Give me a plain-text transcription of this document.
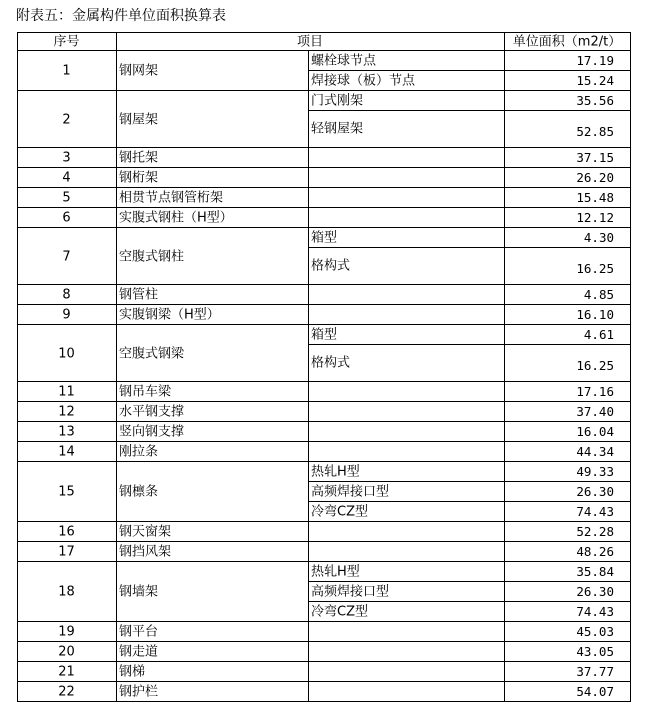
附表五：金属构件单位面积换算表
序号	项目	单位面积（m2/t）
1	钢网架
螺栓球节点	17.19
焊接球（板）节点	15.24
2	钢屋架
门式刚架	35.56
轻钢屋架	52.85
3	钢托架	37.15
4	钢桁架	26.20
5	相贯节点钢管桁架	15.48
6	实腹式钢柱（H型）	12.12
7	空腹式钢柱
箱型	4.30
格构式	16.25
8	钢管柱	4.85
9	实腹钢梁（H型）	16.10
10	空腹式钢梁
箱型	4.61
格构式	16.25
11	钢吊车梁	17.16
12	水平钢支撑	37.40
13	竖向钢支撑	16.04
14	刚拉条	44.34
15	钢檩条
热轧H型	49.33
高频焊接口型	26.30
冷弯CZ型	74.43
16	钢天窗架	52.28
17	钢挡风架	48.26
18	钢墙架
热轧H型	35.84
高频焊接口型	26.30
冷弯CZ型	74.43
19	钢平台	45.03
20	钢走道	43.05
21	钢梯	37.77
22	钢护栏	54.07
